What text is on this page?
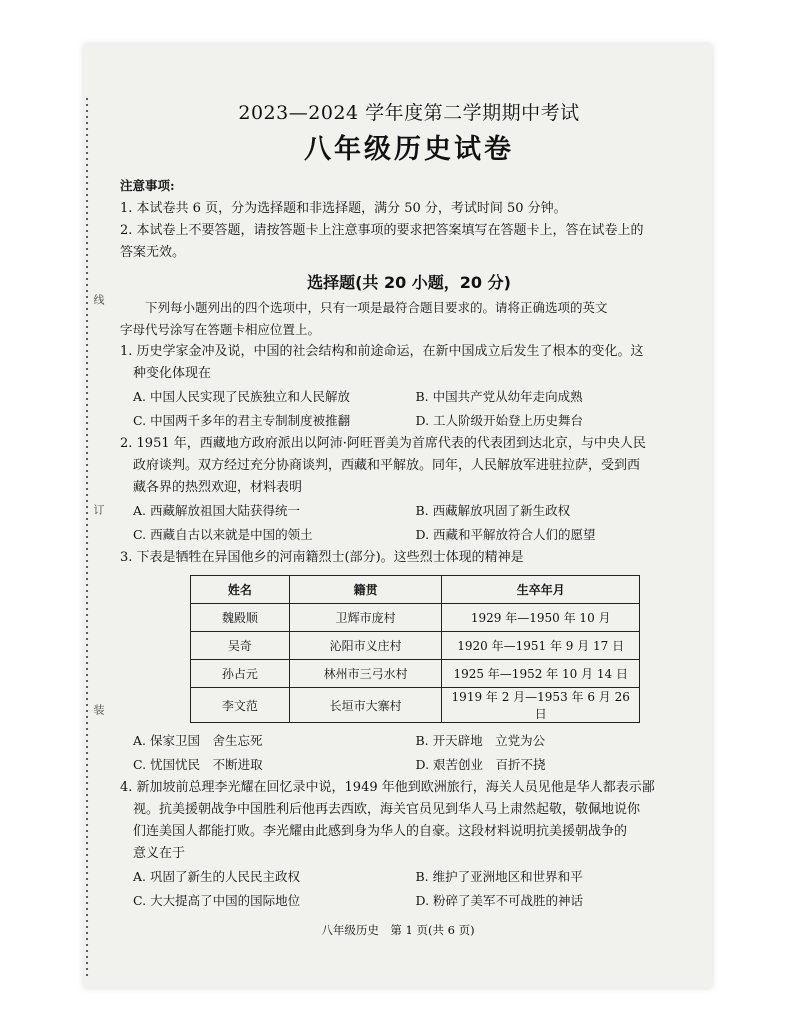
线
订
装
2023—2024 学年度第二学期期中考试
八年级历史试卷
注意事项:

1. 本试卷共 6 页，分为选择题和非选择题，满分 50 分，考试时间 50 分钟。

2. 本试卷上不要答题，请按答题卡上注意事项的要求把答案填写在答题卡上，答在试卷上的

答案无效。

选择题(共 20 小题，20 分)

下列每小题列出的四个选项中，只有一项是最符合题目要求的。请将正确选项的英文

字母代号涂写在答题卡相应位置上。

1. 历史学家金冲及说，中国的社会结构和前途命运，在新中国成立后发生了根本的变化。这

种变化体现在

A. 中国人民实现了民族独立和人民解放	B. 中国共产党从幼年走向成熟
C. 中国两千多年的君主专制制度被推翻	D. 工人阶级开始登上历史舞台

2. 1951 年，西藏地方政府派出以阿沛·阿旺晋美为首席代表的代表团到达北京，与中央人民

政府谈判。双方经过充分协商谈判，西藏和平解放。同年，人民解放军进驻拉萨，受到西

藏各界的热烈欢迎，材料表明

A. 西藏解放祖国大陆获得统一	B. 西藏解放巩固了新生政权
C. 西藏自古以来就是中国的领土	D. 西藏和平解放符合人们的愿望

3. 下表是牺牲在异国他乡的河南籍烈士(部分)。这些烈士体现的精神是

姓名	籍贯	生卒年月
魏殿顺	卫辉市庞村	1929 年—1950 年 10 月
吴奇	沁阳市义庄村	1920 年—1951 年 9 月 17 日
孙占元	林州市三弓水村	1925 年—1952 年 10 月 14 日
李文范	长垣市大寨村	1919 年 2 月—1953 年 6 月 26 日
A. 保家卫国　舍生忘死	B. 开天辟地　立党为公
C. 忧国忧民　不断进取	D. 艰苦创业　百折不挠

4. 新加坡前总理李光耀在回忆录中说，1949 年他到欧洲旅行，海关人员见他是华人都表示鄙

视。抗美援朝战争中国胜利后他再去西欧，海关官员见到华人马上肃然起敬，敬佩地说你

们连美国人都能打败。李光耀由此感到身为华人的自豪。这段材料说明抗美援朝战争的

意义在于

A. 巩固了新生的人民民主政权	B. 维护了亚洲地区和世界和平
C. 大大提高了中国的国际地位	D. 粉碎了美军不可战胜的神话
八年级历史　第 1 页(共 6 页)
